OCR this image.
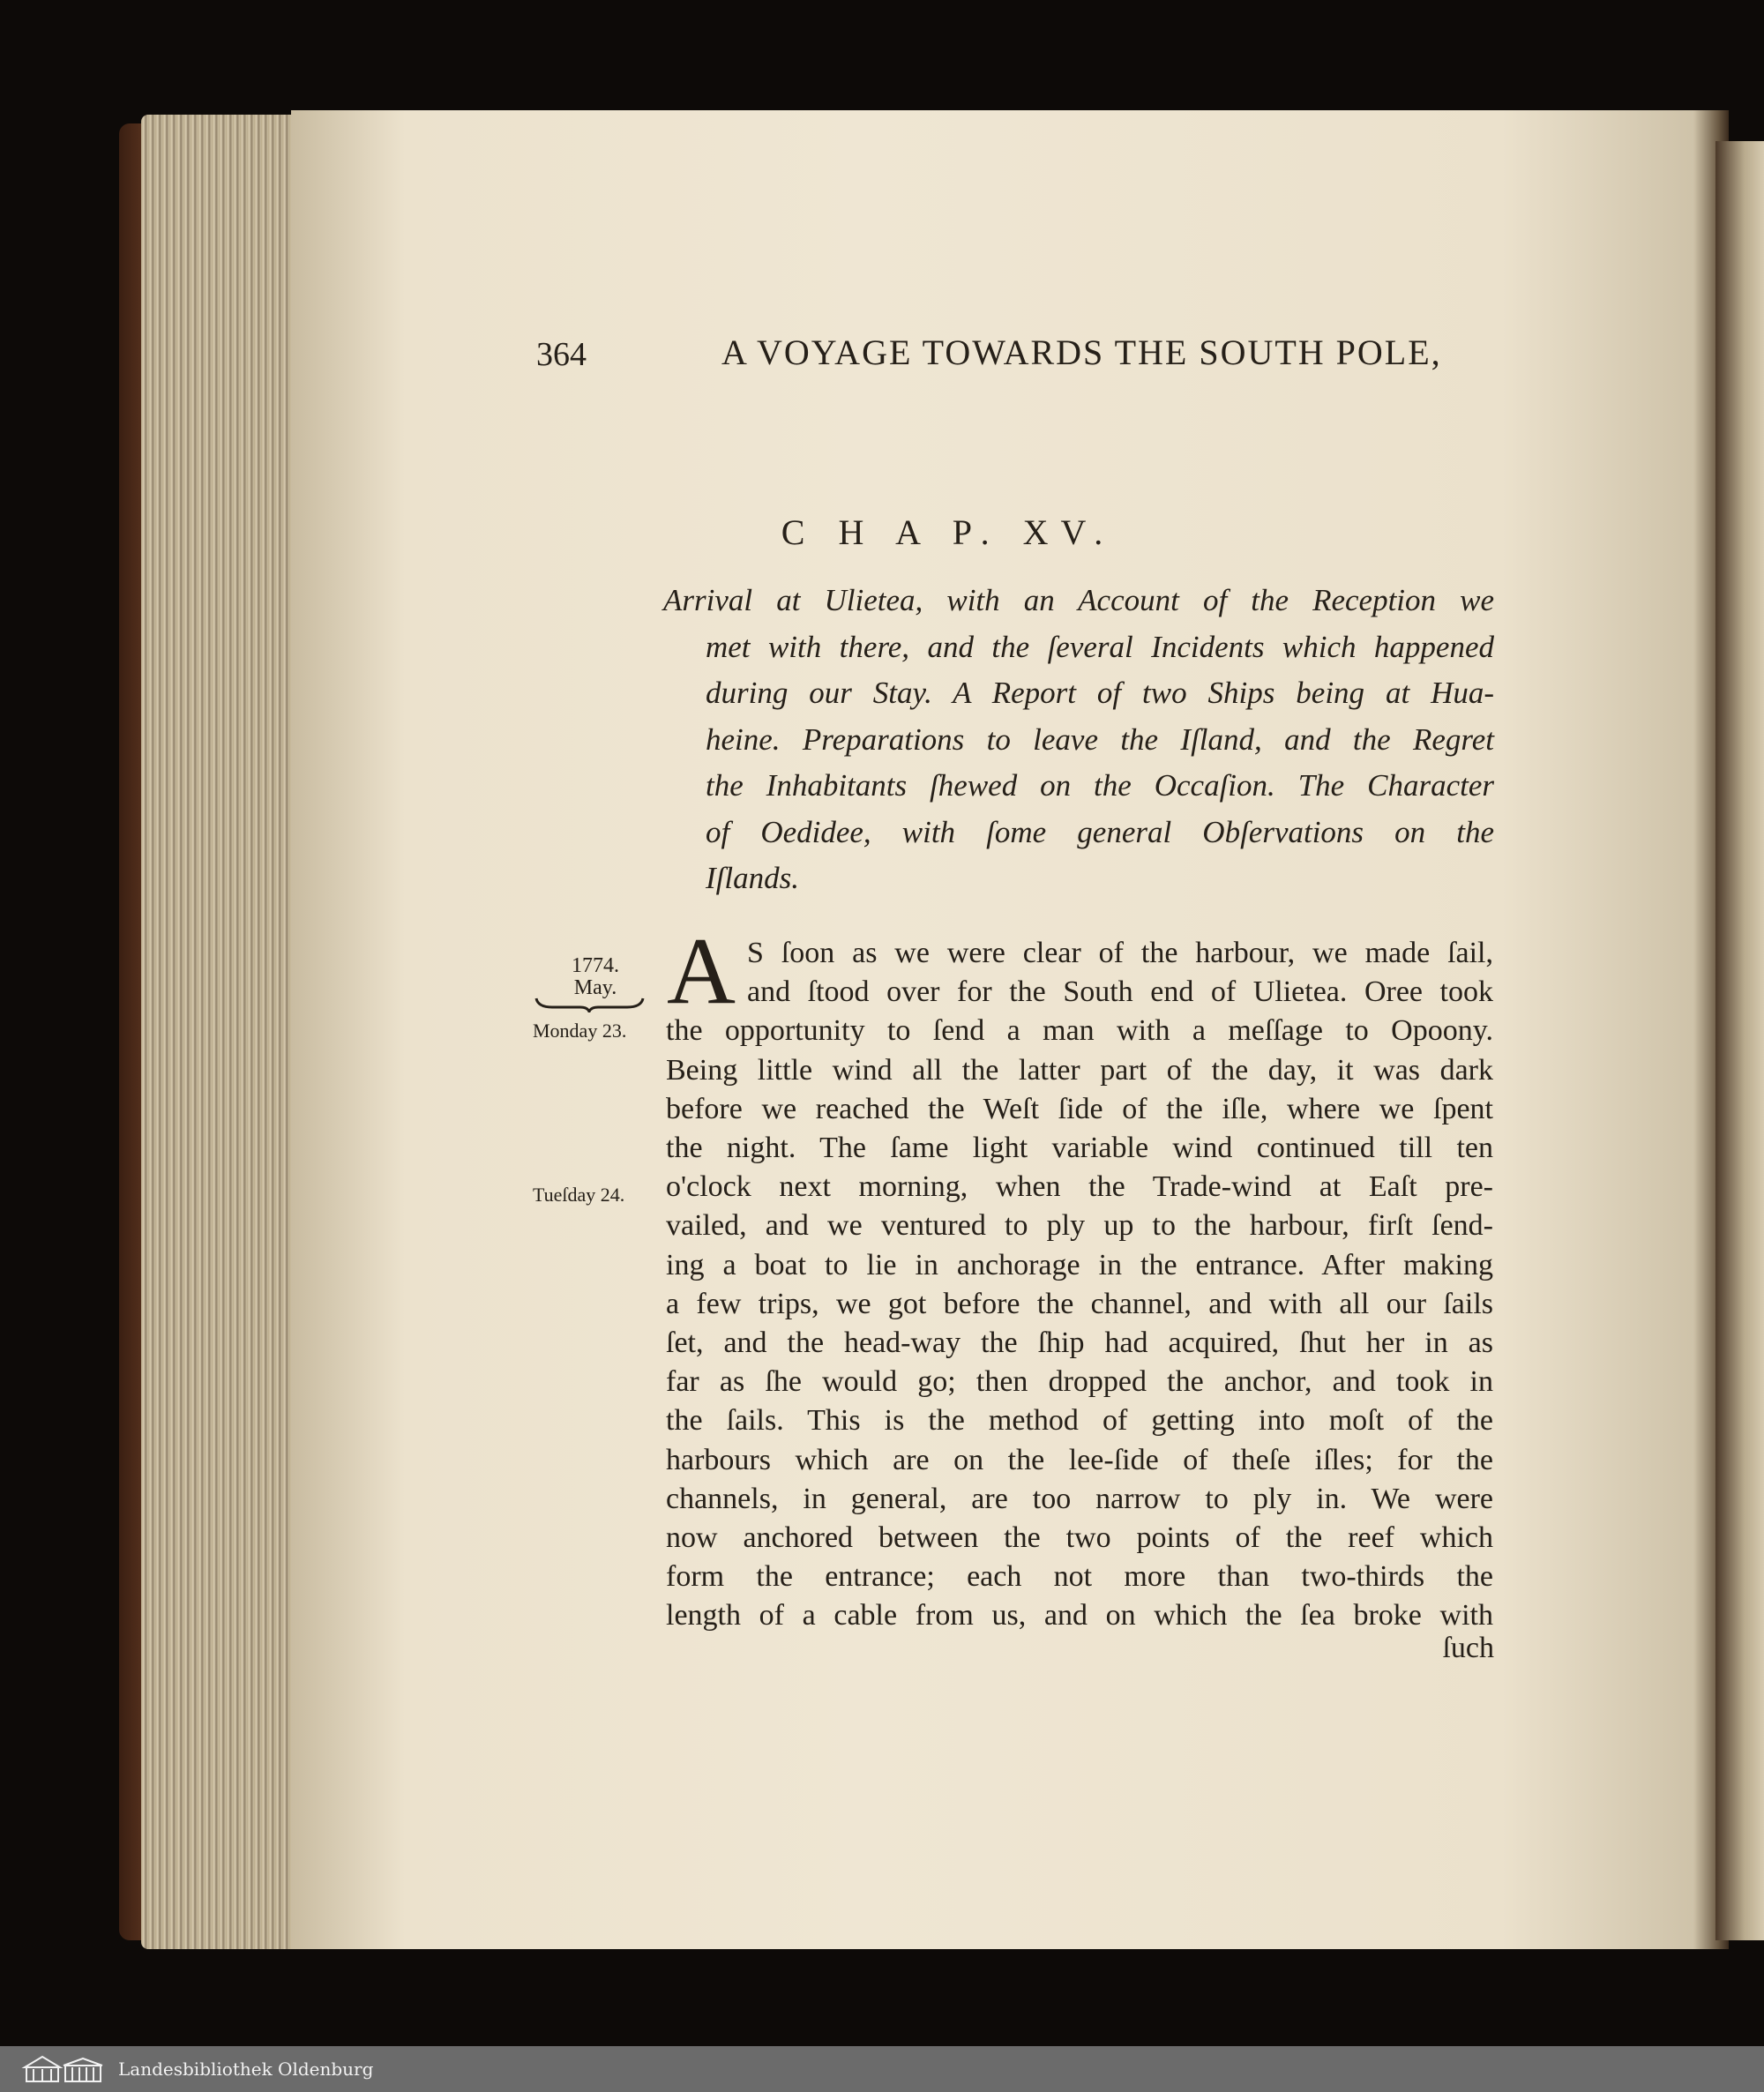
364	A VOYAGE TOWARDS THE SOUTH POLE,
C H A P. XV.
Arrival at Ulietea, with an Account of the Reception we
met with there, and the ſeveral Incidents which happened
during our Stay. A Report of two Ships being at Hua-
heine. Preparations to leave the Iſland, and the Regret
the Inhabitants ſhewed on the Occaſion. The Character
of Oedidee, with ſome general Obſervations on the
Iſlands.
1774.
May.
Monday 23.
Tueſday 24.
A S ſoon as we were clear of the harbour, we made ſail,
and ſtood over for the South end of Ulietea. Oree took
the opportunity to ſend a man with a meſſage to Opoony.
Being little wind all the latter part of the day, it was dark
before we reached the Weſt ſide of the iſle, where we ſpent
the night. The ſame light variable wind continued till ten
o'clock next morning, when the Trade-wind at Eaſt pre-
vailed, and we ventured to ply up to the harbour, firſt ſend-
ing a boat to lie in anchorage in the entrance. After making
a few trips, we got before the channel, and with all our ſails
ſet, and the head-way the ſhip had acquired, ſhut her in as
far as ſhe would go; then dropped the anchor, and took in
the ſails. This is the method of getting into moſt of the
harbours which are on the lee-ſide of theſe iſles; for the
channels, in general, are too narrow to ply in. We were
now anchored between the two points of the reef which
form the entrance; each not more than two-thirds the
length of a cable from us, and on which the ſea broke with
ſuch
Landesbibliothek Oldenburg
